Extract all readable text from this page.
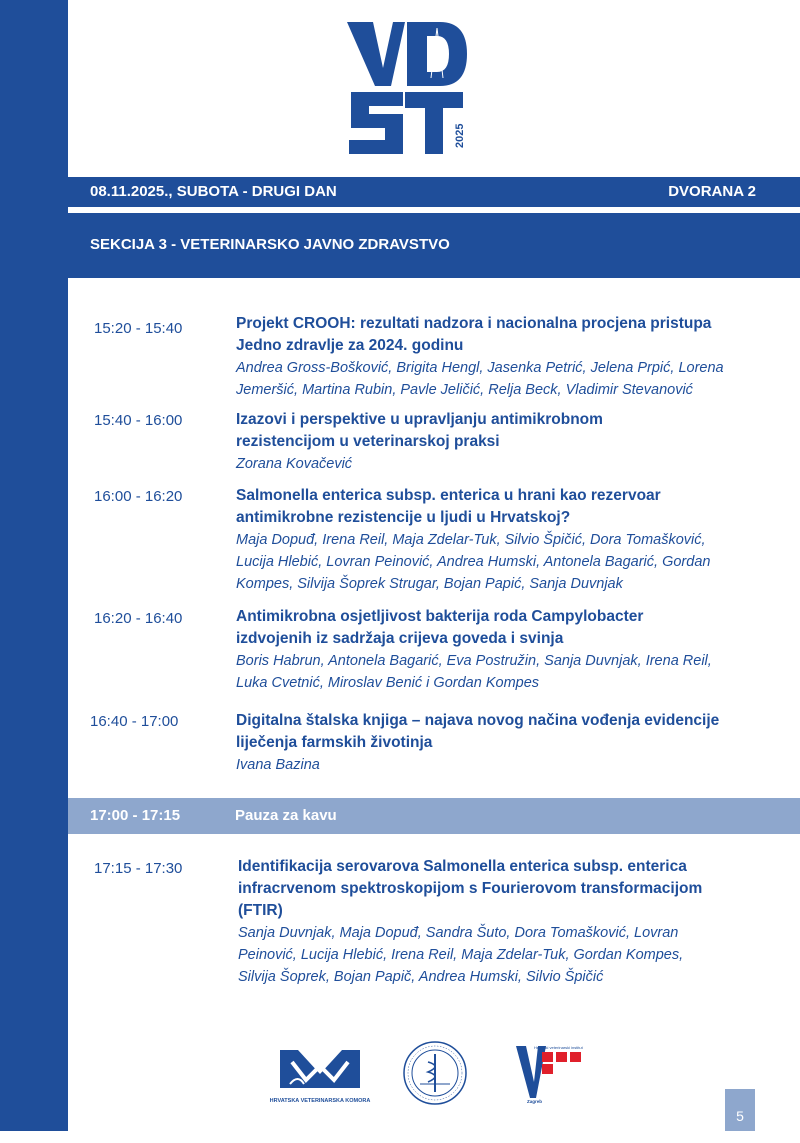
2025
08.11.2025., SUBOTA - DRUGI DAN	DVORANA 2
SEKCIJA 3 - VETERINARSKO JAVNO ZDRAVSTVO
15:20 - 15:40	Projekt CROOH: rezultati nadzora i nacionalna procjena pristupa
Jedno zdravlje za 2024. godinu
Andrea Gross-Bošković, Brigita Hengl, Jasenka Petrić, Jelena Prpić, Lorena
Jemeršić, Martina Rubin, Pavle Jeličić, Relja Beck, Vladimir Stevanović
15:40 - 16:00	Izazovi i perspektive u upravljanju antimikrobnom
rezistencijom u veterinarskoj praksi
Zorana Kovačević
16:00 - 16:20	Salmonella enterica subsp. enterica u hrani kao rezervoar
antimikrobne rezistencije u ljudi u Hrvatskoj?
Maja Dopuđ, Irena Reil, Maja Zdelar-Tuk, Silvio Špičić, Dora Tomašković,
Lucija Hlebić, Lovran Peinović, Andrea Humski, Antonela Bagarić, Gordan
Kompes, Silvija Šoprek Strugar, Bojan Papić, Sanja Duvnjak
16:20 - 16:40	Antimikrobna osjetljivost bakterija roda Campylobacter
izdvojenih iz sadržaja crijeva goveda i svinja
Boris Habrun, Antonela Bagarić, Eva Postružin, Sanja Duvnjak, Irena Reil,
Luka Cvetnić, Miroslav Benić i Gordan Kompes
16:40 - 17:00	Digitalna štalska knjiga – najava novog načina vođenja evidencije
liječenja farmskih životinja
Ivana Bazina
17:00 - 17:15	Pauza za kavu
17:15 - 17:30	Identifikacija serovarova Salmonella enterica subsp. enterica
infracrvenom spektroskopijom s Fourierovom transformacijom
(FTIR)
Sanja Duvnjak, Maja Dopuđ, Sandra Šuto, Dora Tomašković, Lovran
Peinović, Lucija Hlebić, Irena Reil, Maja Zdelar-Tuk, Gordan Kompes,
Silvija Šoprek, Bojan Papič, Andrea Humski, Silvio Špičić
HRVATSKA VETERINARSKA KOMORA
Hrvatski veterinarski institut
Zagreb
5
